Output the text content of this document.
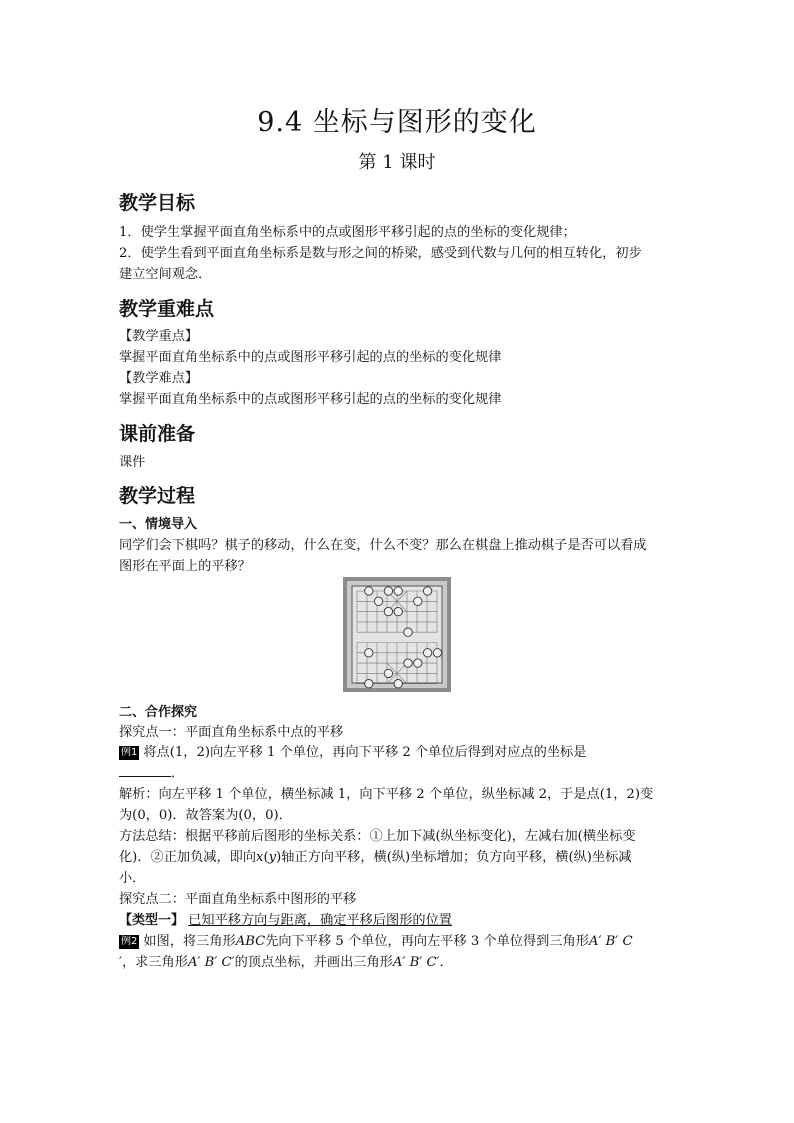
9.4 坐标与图形的变化
第 1 课时
教学目标
1．使学生掌握平面直角坐标系中的点或图形平移引起的点的坐标的变化规律；
2．使学生看到平面直角坐标系是数与形之间的桥梁，感受到代数与几何的相互转化，初步
建立空间观念．
教学重难点
【教学重点】
掌握平面直角坐标系中的点或图形平移引起的点的坐标的变化规律
【教学难点】
掌握平面直角坐标系中的点或图形平移引起的点的坐标的变化规律
课前准备
课件
教学过程
一、情境导入
同学们会下棋吗？棋子的移动，什么在变，什么不变？那么在棋盘上推动棋子是否可以看成
图形在平面上的平移？
二、合作探究
探究点一：平面直角坐标系中点的平移
例1 将点(1，2)向左平移 1 个单位，再向下平移 2 个单位后得到对应点的坐标是
．
解析：向左平移 1 个单位，横坐标减 1，向下平移 2 个单位，纵坐标减 2，于是点(1，2)变
为(0，0)．故答案为(0，0)．
方法总结：根据平移前后图形的坐标关系：①上加下减(纵坐标变化)，左减右加(横坐标变
化)．②正加负减，即向x(y)轴正方向平移，横(纵)坐标增加；负方向平移，横(纵)坐标减
小．
探究点二：平面直角坐标系中图形的平移
【类型一】 已知平移方向与距离，确定平移后图形的位置
例2 如图，将三角形ABC先向下平移 5 个单位，再向左平移 3 个单位得到三角形A′ B′ C
′，求三角形A′ B′ C′的顶点坐标，并画出三角形A′ B′ C′．
